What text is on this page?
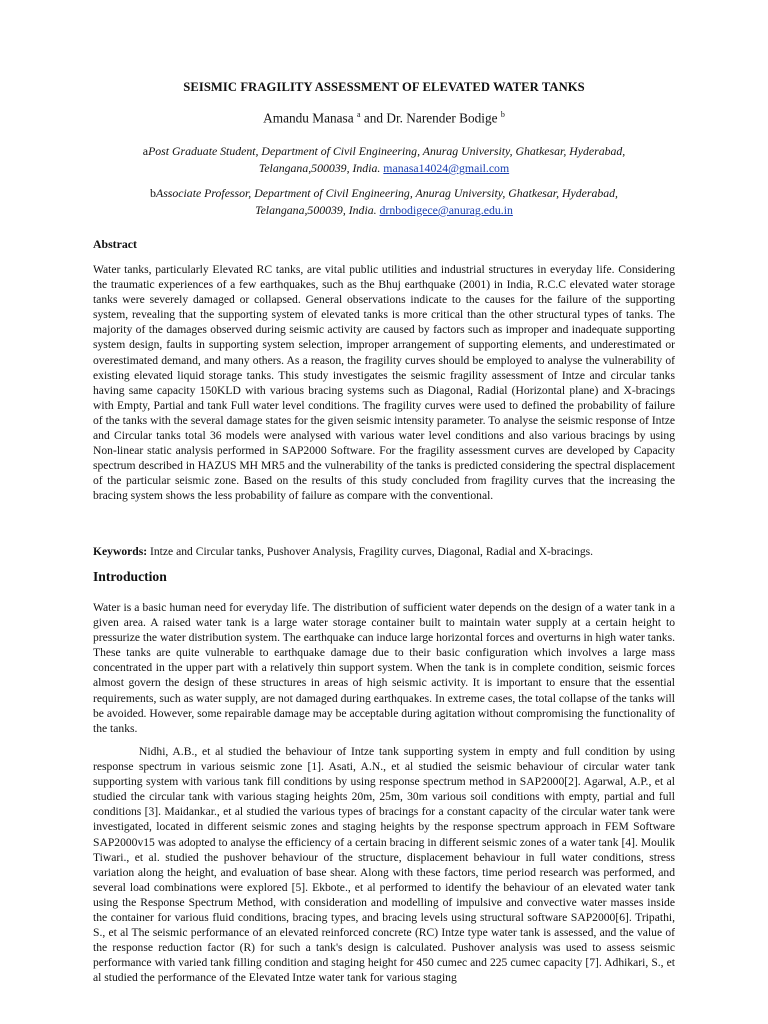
SEISMIC FRAGILITY ASSESSMENT OF ELEVATED WATER TANKS
Amandu Manasa $^a$ and Dr. Narender Bodige $^b$
aPost Graduate Student, Department of Civil Engineering, Anurag University, Ghatkesar, Hyderabad,
Telangana,500039, India. manasa14024@gmail.com
bAssociate Professor, Department of Civil Engineering, Anurag University, Ghatkesar, Hyderabad,
Telangana,500039, India. drnbodigece@anurag.edu.in
Abstract

Water tanks, particularly Elevated RC tanks, are vital public utilities and industrial structures in everyday life. Considering the traumatic experiences of a few earthquakes, such as the Bhuj earthquake (2001) in India, R.C.C elevated water storage tanks were severely damaged or collapsed. General observations indicate to the causes for the failure of the supporting system, revealing that the supporting system of elevated tanks is more critical than the other structural types of tanks. The majority of the damages observed during seismic activity are caused by factors such as improper and inadequate supporting system design, faults in supporting system selection, improper arrangement of supporting elements, and underestimated or overestimated demand, and many others. As a reason, the fragility curves should be employed to analyse the vulnerability of existing elevated liquid storage tanks. This study investigates the seismic fragility assessment of Intze and circular tanks having same capacity 150KLD with various bracing systems such as Diagonal, Radial (Horizontal plane) and X-bracings with Empty, Partial and tank Full water level conditions. The fragility curves were used to defined the probability of failure of the tanks with the several damage states for the given seismic intensity parameter. To analyse the seismic response of Intze and Circular tanks total 36 models were analysed with various water level conditions and also various bracings by using Non-linear static analysis performed in SAP2000 Software. For the fragility assessment curves are developed by Capacity spectrum described in HAZUS MH MR5 and the vulnerability of the tanks is predicted considering the spectral displacement of the particular seismic zone. Based on the results of this study concluded from fragility curves that the increasing the bracing system shows the less probability of failure as compare with the conventional.

Keywords: Intze and Circular tanks, Pushover Analysis, Fragility curves, Diagonal, Radial and X-bracings.

Introduction

Water is a basic human need for everyday life. The distribution of sufficient water depends on the design of a water tank in a given area. A raised water tank is a large water storage container built to maintain water supply at a certain height to pressurize the water distribution system. The earthquake can induce large horizontal forces and overturns in high water tanks. These tanks are quite vulnerable to earthquake damage due to their basic configuration which involves a large mass concentrated in the upper part with a relatively thin support system. When the tank is in complete condition, seismic forces almost govern the design of these structures in areas of high seismic activity. It is important to ensure that the essential requirements, such as water supply, are not damaged during earthquakes. In extreme cases, the total collapse of the tanks will be avoided. However, some repairable damage may be acceptable during agitation without compromising the functionality of the tanks.

Nidhi, A.B., et al studied the behaviour of Intze tank supporting system in empty and full condition by using response spectrum in various seismic zone [1]. Asati, A.N., et al studied the seismic behaviour of circular water tank supporting system with various tank fill conditions by using response spectrum method in SAP2000[2]. Agarwal, A.P., et al studied the circular tank with various staging heights 20m, 25m, 30m various soil conditions with empty, partial and full conditions [3]. Maidankar., et al studied the various types of bracings for a constant capacity of the circular water tank were investigated, located in different seismic zones and staging heights by the response spectrum approach in FEM Software SAP2000v15 was adopted to analyse the efficiency of a certain bracing in different seismic zones of a water tank [4]. Moulik Tiwari., et al. studied the pushover behaviour of the structure, displacement behaviour in full water conditions, stress variation along the height, and evaluation of base shear. Along with these factors, time period research was performed, and several load combinations were explored [5]. Ekbote., et al performed to identify the behaviour of an elevated water tank using the Response Spectrum Method, with consideration and modelling of impulsive and convective water masses inside the container for various fluid conditions, bracing types, and bracing levels using structural software SAP2000[6]. Tripathi, S., et al The seismic performance of an elevated reinforced concrete (RC) Intze type water tank is assessed, and the value of the response reduction factor (R) for such a tank's design is calculated. Pushover analysis was used to assess seismic performance with varied tank filling condition and staging height for 450 cumec and 225 cumec capacity [7]. Adhikari, S., et al studied the performance of the Elevated Intze water tank for various staging
